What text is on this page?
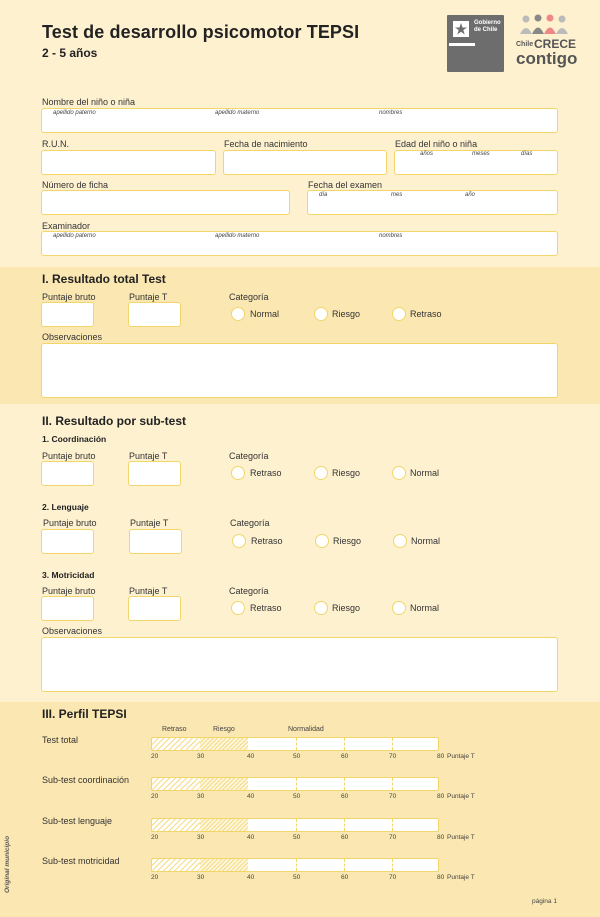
Test de desarrollo psicomotor TEPSI
2 - 5 años
Gobierno
de Chile
Chile CRECE
contigo
Nombre del niño o niña
apellido paterno	apellido materno	nombres
R.U.N.	Fecha de nacimiento	Edad del niño o niña
años	meses	días
Número de ficha	Fecha del examen
día	mes	año
Examinador
apellido paterno	apellido materno	nombres
I. Resultado total Test
Puntaje bruto	Puntaje T	Categoría
Normal	Riesgo	Retraso
Observaciones
II. Resultado por sub-test
1. Coordinación
Puntaje bruto	Puntaje T	Categoría
Retraso	Riesgo	Normal
2. Lenguaje
Puntaje bruto	Puntaje T	Categoría
Retraso	Riesgo	Normal
3. Motricidad
Puntaje bruto	Puntaje T	Categoría
Retraso	Riesgo	Normal
Observaciones
III. Perfil TEPSI
Retraso	Riesgo	Normalidad
Test total
20	30	40	50	60	70	80 Puntaje T
Sub-test coordinación
20	30	40	50	60	70	80 Puntaje T
Sub-test lenguaje
20	30	40	50	60	70	80 Puntaje T
Sub-test motricidad
20	30	40	50	60	70	80 Puntaje T
Original municipio
página 1
